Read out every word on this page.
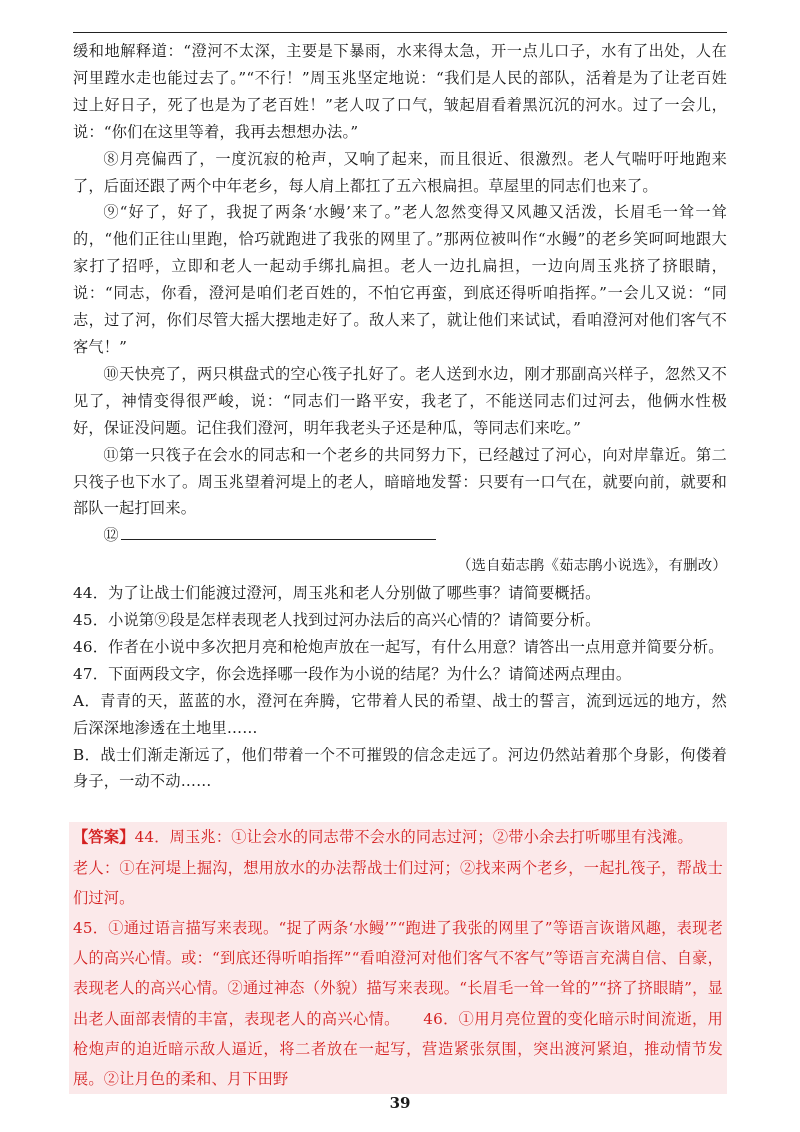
缓和地解释道：“澄河不太深，主要是下暴雨，水来得太急，开一点儿口子，水有了出处，人在河里蹚水走也能过去了。”“不行！”周玉兆坚定地说：“我们是人民的部队，活着是为了让老百姓过上好日子，死了也是为了老百姓！”老人叹了口气，皱起眉看着黑沉沉的河水。过了一会儿，说：“你们在这里等着，我再去想想办法。”

⑧月亮偏西了，一度沉寂的枪声，又响了起来，而且很近、很激烈。老人气喘吁吁地跑来了，后面还跟了两个中年老乡，每人肩上都扛了五六根扁担。草屋里的同志们也来了。

⑨“好了，好了，我捉了两条‘水鳗’来了。”老人忽然变得又风趣又活泼，长眉毛一耸一耸的，“他们正往山里跑，恰巧就跑进了我张的网里了。”那两位被叫作“水鳗”的老乡笑呵呵地跟大家打了招呼，立即和老人一起动手绑扎扁担。老人一边扎扁担，一边向周玉兆挤了挤眼睛，说：“同志，你看，澄河是咱们老百姓的，不怕它再蛮，到底还得听咱指挥。”一会儿又说：“同志，过了河，你们尽管大摇大摆地走好了。敌人来了，就让他们来试试，看咱澄河对他们客气不客气！”

⑩天快亮了，两只棋盘式的空心筏子扎好了。老人送到水边，刚才那副高兴样子，忽然又不见了，神情变得很严峻，说：“同志们一路平安，我老了，不能送同志们过河去，他俩水性极好，保证没问题。记住我们澄河，明年我老头子还是种瓜，等同志们来吃。”

⑪第一只筏子在会水的同志和一个老乡的共同努力下，已经越过了河心，向对岸靠近。第二只筏子也下水了。周玉兆望着河堤上的老人，暗暗地发誓：只要有一口气在，就要向前，就要和部队一起打回来。

⑫

（选自茹志鹃《茹志鹃小说选》，有删改）

44．为了让战士们能渡过澄河，周玉兆和老人分别做了哪些事？请简要概括。

45．小说第⑨段是怎样表现老人找到过河办法后的高兴心情的？请简要分析。

46．作者在小说中多次把月亮和枪炮声放在一起写，有什么用意？请答出一点用意并简要分析。

47．下面两段文字，你会选择哪一段作为小说的结尾？为什么？请简述两点理由。

A．青青的天，蓝蓝的水，澄河在奔腾，它带着人民的希望、战士的誓言，流到远远的地方，然后深深地渗透在土地里……

B．战士们渐走渐远了，他们带着一个不可摧毁的信念走远了。河边仍然站着那个身影，佝偻着身子，一动不动……

【答案】44．周玉兆：①让会水的同志带不会水的同志过河；②带小余去打听哪里有浅滩。

老人：①在河堤上掘沟，想用放水的办法帮战士们过河；②找来两个老乡，一起扎筏子，帮战士们过河。

45．①通过语言描写来表现。“捉了两条‘水鳗’”“跑进了我张的网里了”等语言诙谐风趣，表现老人的高兴心情。或：“到底还得听咱指挥”“看咱澄河对他们客气不客气”等语言充满自信、自豪，表现老人的高兴心情。②通过神态（外貌）描写来表现。“长眉毛一耸一耸的”“挤了挤眼睛”，显出老人面部表情的丰富，表现老人的高兴心情。　　46．①用月亮位置的变化暗示时间流逝，用枪炮声的迫近暗示敌人逼近，将二者放在一起写，营造紧张氛围，突出渡河紧迫，推动情节发展。②让月色的柔和、月下田野

39
